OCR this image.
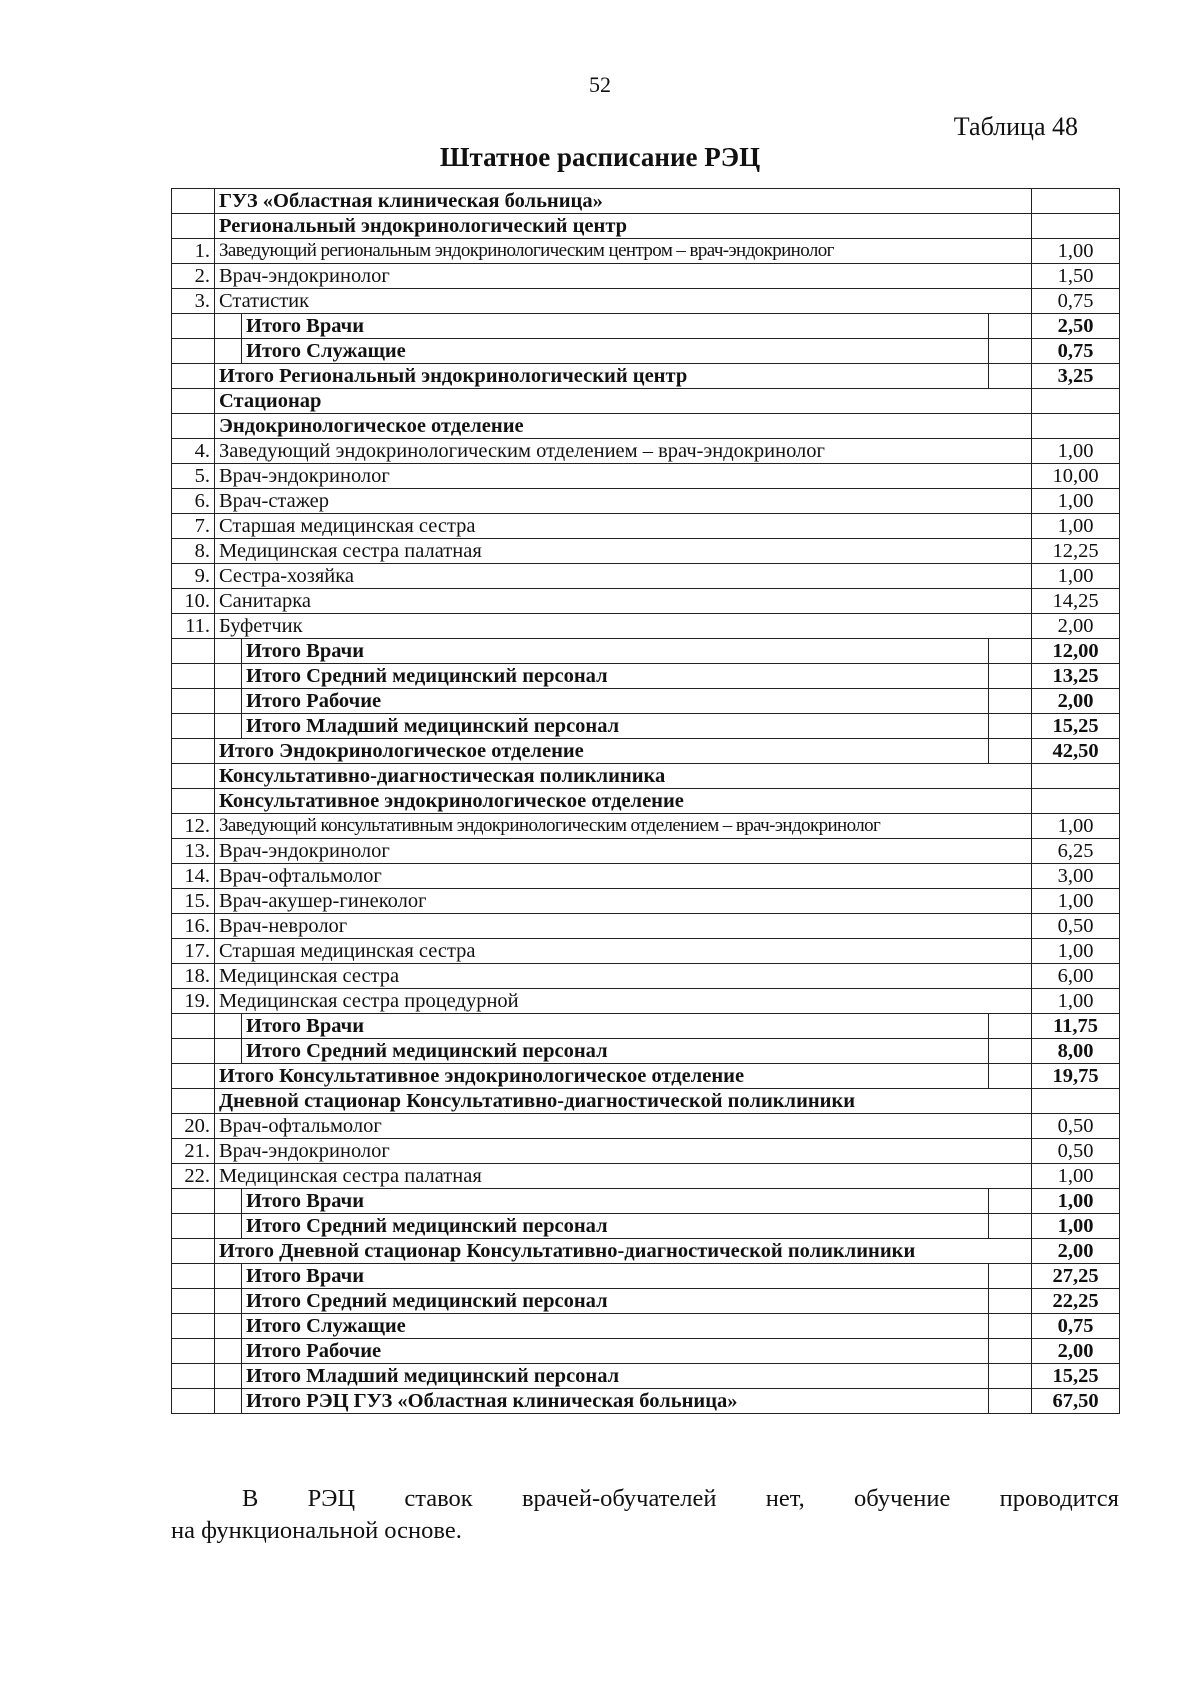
52
Таблица 48
Штатное расписание РЭЦ
	ГУЗ «Областная клиническая больница»			
	Региональный эндокринологический центр			
1.	Заведующий региональным эндокринологическим центром – врач-эндокринолог			1,00
2.	Врач-эндокринолог			1,50
3.	Статистик			0,75
		Итого Врачи		2,50
		Итого Служащие		0,75
	Итого Региональный эндокринологический центр			3,25
	Стационар			
	Эндокринологическое отделение			
4.	Заведующий эндокринологическим отделением – врач-эндокринолог			1,00
5.	Врач-эндокринолог			10,00
6.	Врач-стажер			1,00
7.	Старшая медицинская сестра			1,00
8.	Медицинская сестра палатная			12,25
9.	Сестра-хозяйка			1,00
10.	Санитарка			14,25
11.	Буфетчик			2,00
		Итого Врачи		12,00
		Итого Средний медицинский персонал		13,25
		Итого Рабочие		2,00
		Итого Младший медицинский персонал		15,25
	Итого Эндокринологическое отделение			42,50
	Консультативно-диагностическая поликлиника			
	Консультативное эндокринологическое отделение			
12.	Заведующий консультативным эндокринологическим отделением – врач-эндокринолог			1,00
13.	Врач-эндокринолог			6,25
14.	Врач-офтальмолог			3,00
15.	Врач-акушер-гинеколог			1,00
16.	Врач-невролог			0,50
17.	Старшая медицинская сестра			1,00
18.	Медицинская сестра			6,00
19.	Медицинская сестра процедурной			1,00
		Итого Врачи		11,75
		Итого Средний медицинский персонал		8,00
	Итого Консультативное эндокринологическое отделение			19,75
	Дневной стационар Консультативно-диагностической поликлиники			
20.	Врач-офтальмолог			0,50
21.	Врач-эндокринолог			0,50
22.	Медицинская сестра палатная			1,00
		Итого Врачи		1,00
		Итого Средний медицинский персонал		1,00
	Итого Дневной стационар Консультативно-диагностической поликлиники			2,00
		Итого Врачи		27,25
		Итого Средний медицинский персонал		22,25
		Итого Служащие		0,75
		Итого Рабочие		2,00
		Итого Младший медицинский персонал		15,25
		Итого РЭЦ ГУЗ «Областная клиническая больница»		67,50
В РЭЦ ставок врачей-обучателей нет, обучение проводится
на функциональной основе.
